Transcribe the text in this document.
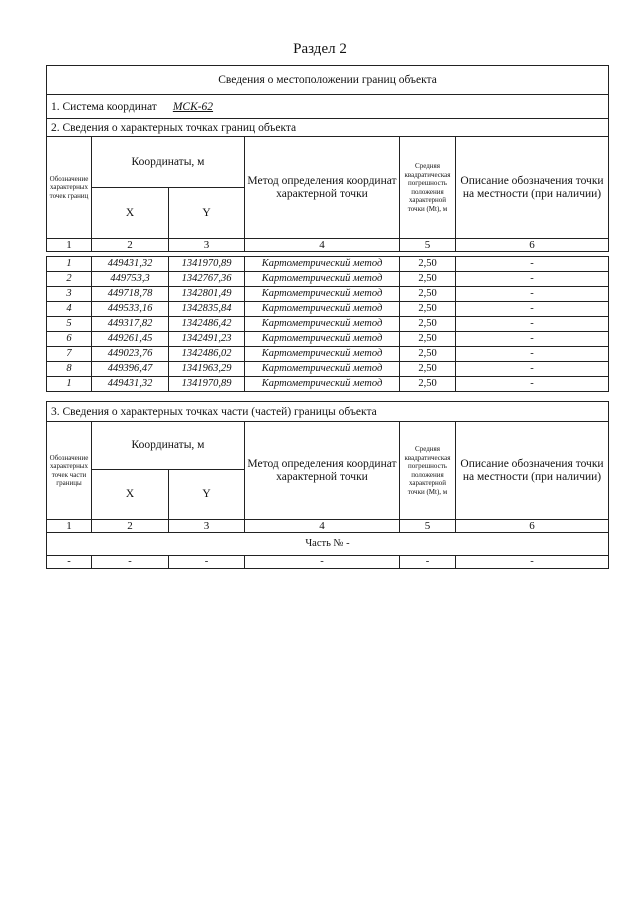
Раздел 2
Сведения о местоположении границ объекта					
1. Система координат МСК-62					
2. Сведения о характерных точках границ объекта					
Обозначение характерных точек границ	Координаты, м		Метод определения координат характерной точки	Средняя квадратическая погрешность положения характерной точки (Mt), м	Описание обозначения точки на местности (при наличии)
	X	Y			
1	2	3	4	5	6

1	449431,32	1341970,89	Картометрический метод	2,50	-
2	449753,3	1342767,36	Картометрический метод	2,50	-
3	449718,78	1342801,49	Картометрический метод	2,50	-
4	449533,16	1342835,84	Картометрический метод	2,50	-
5	449317,82	1342486,42	Картометрический метод	2,50	-
6	449261,45	1342491,23	Картометрический метод	2,50	-
7	449023,76	1342486,02	Картометрический метод	2,50	-
8	449396,47	1341963,29	Картометрический метод	2,50	-
1	449431,32	1341970,89	Картометрический метод	2,50	-
3. Сведения о характерных точках части (частей) границы объекта					
Обозначение характерных точек части границы	Координаты, м		Метод определения координат характерной точки	Средняя квадратическая погрешность положения характерной точки (Mt), м	Описание обозначения точки на местности (при наличии)
	X	Y			
1	2	3	4	5	6
Часть № -					
-	-	-	-	-	-
